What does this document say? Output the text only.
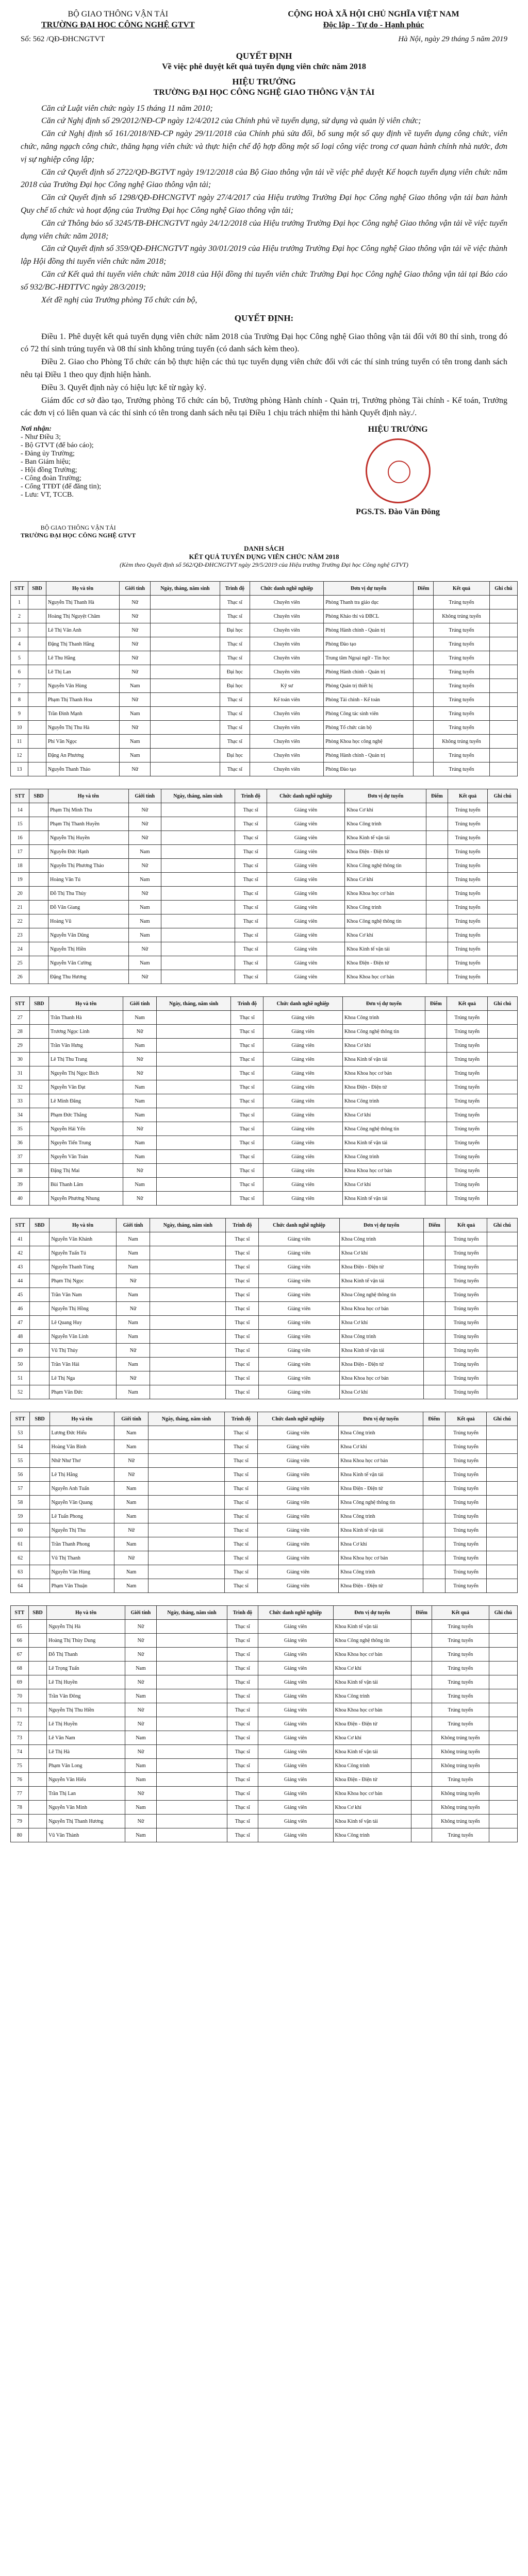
BỘ GIAO THÔNG VẬN TẢI
TRƯỜNG ĐẠI HỌC CÔNG NGHỆ GTVT
CỘNG HOÀ XÃ HỘI CHỦ NGHĨA VIỆT NAM
Độc lập - Tự do - Hạnh phúc
Số: 562 /QĐ-ĐHCNGTVT	Hà Nội, ngày 29 tháng 5 năm 2019
QUYẾT ĐỊNH
Về việc phê duyệt kết quả tuyển dụng viên chức năm 2018
HIỆU TRƯỞNG
TRƯỜNG ĐẠI HỌC CÔNG NGHỆ GIAO THÔNG VẬN TẢI

Căn cứ Luật viên chức ngày 15 tháng 11 năm 2010;

Căn cứ Nghị định số 29/2012/NĐ-CP ngày 12/4/2012 của Chính phủ về tuyển dụng, sử dụng và quản lý viên chức;

Căn cứ Nghị định số 161/2018/NĐ-CP ngày 29/11/2018 của Chính phủ sửa đổi, bổ sung một số quy định về tuyển dụng công chức, viên chức, nâng ngạch công chức, thăng hạng viên chức và thực hiện chế độ hợp đồng một số loại công việc trong cơ quan hành chính nhà nước, đơn vị sự nghiệp công lập;

Căn cứ Quyết định số 2722/QĐ-BGTVT ngày 19/12/2018 của Bộ Giao thông vận tải về việc phê duyệt Kế hoạch tuyển dụng viên chức năm 2018 của Trường Đại học Công nghệ Giao thông vận tải;

Căn cứ Quyết định số 1298/QĐ-ĐHCNGTVT ngày 27/4/2017 của Hiệu trưởng Trường Đại học Công nghệ Giao thông vận tải ban hành Quy chế tổ chức và hoạt động của Trường Đại học Công nghệ Giao thông vận tải;

Căn cứ Thông báo số 3245/TB-ĐHCNGTVT ngày 24/12/2018 của Hiệu trưởng Trường Đại học Công nghệ Giao thông vận tải về việc tuyển dụng viên chức năm 2018;

Căn cứ Quyết định số 359/QĐ-ĐHCNGTVT ngày 30/01/2019 của Hiệu trưởng Trường Đại học Công nghệ Giao thông vận tải về việc thành lập Hội đồng thi tuyển viên chức năm 2018;

Căn cứ Kết quả thi tuyển viên chức năm 2018 của Hội đồng thi tuyển viên chức Trường Đại học Công nghệ Giao thông vận tải tại Báo cáo số 932/BC-HĐTTVC ngày 28/3/2019;

Xét đề nghị của Trưởng phòng Tổ chức cán bộ,

QUYẾT ĐỊNH:

Điều 1. Phê duyệt kết quả tuyển dụng viên chức năm 2018 của Trường Đại học Công nghệ Giao thông vận tải đối với 80 thí sinh, trong đó có 72 thí sinh trúng tuyển và 08 thí sinh không trúng tuyển (có danh sách kèm theo).

Điều 2. Giao cho Phòng Tổ chức cán bộ thực hiện các thủ tục tuyển dụng viên chức đối với các thí sinh trúng tuyển có tên trong danh sách nêu tại Điều 1 theo quy định hiện hành.

Điều 3. Quyết định này có hiệu lực kể từ ngày ký.

Giám đốc cơ sở đào tạo, Trưởng phòng Tổ chức cán bộ, Trưởng phòng Hành chính - Quản trị, Trưởng phòng Tài chính - Kế toán, Trưởng các đơn vị có liên quan và các thí sinh có tên trong danh sách nêu tại Điều 1 chịu trách nhiệm thi hành Quyết định này./.

Nơi nhận:
- Như Điều 3;
- Bộ GTVT (để báo cáo);
- Đảng ủy Trường;
- Ban Giám hiệu;
- Hội đồng Trường;
- Công đoàn Trường;
- Cổng TTĐT (để đăng tin);
- Lưu: VT, TCCB.
HIỆU TRƯỞNG
PGS.TS. Đào Văn Đông
BỘ GIAO THÔNG VẬN TẢI
TRƯỜNG ĐẠI HỌC CÔNG NGHỆ GTVT
DANH SÁCH
KẾT QUẢ TUYỂN DỤNG VIÊN CHỨC NĂM 2018
(Kèm theo Quyết định số 562/QĐ-ĐHCNGTVT ngày 29/5/2019 của Hiệu trưởng Trường Đại học Công nghệ GTVT)
STT	SBD	Họ và tên	Giới tính	Ngày, tháng, năm sinh	Trình độ	Chức danh nghề nghiệp	Đơn vị dự tuyển	Điểm	Kết quả	Ghi chú
1		Nguyễn Thị Thanh Hà	Nữ		Thạc sĩ	Chuyên viên	Phòng Thanh tra giáo dục		Trúng tuyển	
2		Hoàng Thị Nguyệt Châm	Nữ		Thạc sĩ	Chuyên viên	Phòng Khảo thí và ĐBCL		Không trúng tuyển	
3		Lê Thị Vân Anh	Nữ		Đại học	Chuyên viên	Phòng Hành chính - Quản trị		Trúng tuyển	
4		Đặng Thị Thanh Hằng	Nữ		Thạc sĩ	Chuyên viên	Phòng Đào tạo		Trúng tuyển	
5		Lê Thu Hằng	Nữ		Thạc sĩ	Chuyên viên	Trung tâm Ngoại ngữ - Tin học		Trúng tuyển	
6		Lê Thị Lan	Nữ		Đại học	Chuyên viên	Phòng Hành chính - Quản trị		Trúng tuyển	
7		Nguyễn Văn Hùng	Nam		Đại học	Kỹ sư	Phòng Quản trị thiết bị		Trúng tuyển	
8		Phạm Thị Thanh Hoa	Nữ		Thạc sĩ	Kế toán viên	Phòng Tài chính - Kế toán		Trúng tuyển	
9		Trần Đình Mạnh	Nam		Thạc sĩ	Chuyên viên	Phòng Công tác sinh viên		Trúng tuyển	
10		Nguyễn Thị Thu Hà	Nữ		Thạc sĩ	Chuyên viên	Phòng Tổ chức cán bộ		Trúng tuyển	
11		Phí Văn Ngọc	Nam		Thạc sĩ	Chuyên viên	Phòng Khoa học công nghệ		Không trúng tuyển	
12		Đặng An Phương	Nam		Đại học	Chuyên viên	Phòng Hành chính - Quản trị		Trúng tuyển	
13		Nguyễn Thanh Thảo	Nữ		Thạc sĩ	Chuyên viên	Phòng Đào tạo		Trúng tuyển	
STT	SBD	Họ và tên	Giới tính	Ngày, tháng, năm sinh	Trình độ	Chức danh nghề nghiệp	Đơn vị dự tuyển	Điểm	Kết quả	Ghi chú
14		Phạm Thị Minh Thu	Nữ		Thạc sĩ	Giảng viên	Khoa Cơ khí		Trúng tuyển	
15		Phạm Thị Thanh Huyền	Nữ		Thạc sĩ	Giảng viên	Khoa Công trình		Trúng tuyển	
16		Nguyễn Thị Huyền	Nữ		Thạc sĩ	Giảng viên	Khoa Kinh tế vận tải		Trúng tuyển	
17		Nguyễn Đức Hạnh	Nam		Thạc sĩ	Giảng viên	Khoa Điện - Điện tử		Trúng tuyển	
18		Nguyễn Thị Phương Thảo	Nữ		Thạc sĩ	Giảng viên	Khoa Công nghệ thông tin		Trúng tuyển	
19		Hoàng Văn Tú	Nam		Thạc sĩ	Giảng viên	Khoa Cơ khí		Trúng tuyển	
20		Đỗ Thị Thu Thủy	Nữ		Thạc sĩ	Giảng viên	Khoa Khoa học cơ bản		Trúng tuyển	
21		Đỗ Văn Giang	Nam		Thạc sĩ	Giảng viên	Khoa Công trình		Trúng tuyển	
22		Hoàng Vũ	Nam		Thạc sĩ	Giảng viên	Khoa Công nghệ thông tin		Trúng tuyển	
23		Nguyễn Văn Dũng	Nam		Thạc sĩ	Giảng viên	Khoa Cơ khí		Trúng tuyển	
24		Nguyễn Thị Hiền	Nữ		Thạc sĩ	Giảng viên	Khoa Kinh tế vận tải		Trúng tuyển	
25		Nguyễn Văn Cường	Nam		Thạc sĩ	Giảng viên	Khoa Điện - Điện tử		Trúng tuyển	
26		Đặng Thu Hương	Nữ		Thạc sĩ	Giảng viên	Khoa Khoa học cơ bản		Trúng tuyển	
STT	SBD	Họ và tên	Giới tính	Ngày, tháng, năm sinh	Trình độ	Chức danh nghề nghiệp	Đơn vị dự tuyển	Điểm	Kết quả	Ghi chú
27		Trần Thanh Hà	Nam		Thạc sĩ	Giảng viên	Khoa Công trình		Trúng tuyển	
28		Trương Ngọc Linh	Nữ		Thạc sĩ	Giảng viên	Khoa Công nghệ thông tin		Trúng tuyển	
29		Trần Văn Hưng	Nam		Thạc sĩ	Giảng viên	Khoa Cơ khí		Trúng tuyển	
30		Lê Thị Thu Trang	Nữ		Thạc sĩ	Giảng viên	Khoa Kinh tế vận tải		Trúng tuyển	
31		Nguyễn Thị Ngọc Bích	Nữ		Thạc sĩ	Giảng viên	Khoa Khoa học cơ bản		Trúng tuyển	
32		Nguyễn Văn Đạt	Nam		Thạc sĩ	Giảng viên	Khoa Điện - Điện tử		Trúng tuyển	
33		Lê Minh Đăng	Nam		Thạc sĩ	Giảng viên	Khoa Công trình		Trúng tuyển	
34		Phạm Đức Thắng	Nam		Thạc sĩ	Giảng viên	Khoa Cơ khí		Trúng tuyển	
35		Nguyễn Hải Yến	Nữ		Thạc sĩ	Giảng viên	Khoa Công nghệ thông tin		Trúng tuyển	
36		Nguyễn Tiến Trung	Nam		Thạc sĩ	Giảng viên	Khoa Kinh tế vận tải		Trúng tuyển	
37		Nguyễn Văn Toàn	Nam		Thạc sĩ	Giảng viên	Khoa Công trình		Trúng tuyển	
38		Đặng Thị Mai	Nữ		Thạc sĩ	Giảng viên	Khoa Khoa học cơ bản		Trúng tuyển	
39		Bùi Thanh Lâm	Nam		Thạc sĩ	Giảng viên	Khoa Cơ khí		Trúng tuyển	
40		Nguyễn Phương Nhung	Nữ		Thạc sĩ	Giảng viên	Khoa Kinh tế vận tải		Trúng tuyển	
STT	SBD	Họ và tên	Giới tính	Ngày, tháng, năm sinh	Trình độ	Chức danh nghề nghiệp	Đơn vị dự tuyển	Điểm	Kết quả	Ghi chú
41		Nguyễn Văn Khánh	Nam		Thạc sĩ	Giảng viên	Khoa Công trình		Trúng tuyển	
42		Nguyễn Tuấn Tú	Nam		Thạc sĩ	Giảng viên	Khoa Cơ khí		Trúng tuyển	
43		Nguyễn Thanh Tùng	Nam		Thạc sĩ	Giảng viên	Khoa Điện - Điện tử		Trúng tuyển	
44		Phạm Thị Ngọc	Nữ		Thạc sĩ	Giảng viên	Khoa Kinh tế vận tải		Trúng tuyển	
45		Trần Văn Nam	Nam		Thạc sĩ	Giảng viên	Khoa Công nghệ thông tin		Trúng tuyển	
46		Nguyễn Thị Hồng	Nữ		Thạc sĩ	Giảng viên	Khoa Khoa học cơ bản		Trúng tuyển	
47		Lê Quang Huy	Nam		Thạc sĩ	Giảng viên	Khoa Cơ khí		Trúng tuyển	
48		Nguyễn Văn Linh	Nam		Thạc sĩ	Giảng viên	Khoa Công trình		Trúng tuyển	
49		Vũ Thị Thủy	Nữ		Thạc sĩ	Giảng viên	Khoa Kinh tế vận tải		Trúng tuyển	
50		Trần Văn Hải	Nam		Thạc sĩ	Giảng viên	Khoa Điện - Điện tử		Trúng tuyển	
51		Lê Thị Nga	Nữ		Thạc sĩ	Giảng viên	Khoa Khoa học cơ bản		Trúng tuyển	
52		Phạm Văn Đức	Nam		Thạc sĩ	Giảng viên	Khoa Cơ khí		Trúng tuyển	
STT	SBD	Họ và tên	Giới tính	Ngày, tháng, năm sinh	Trình độ	Chức danh nghề nghiệp	Đơn vị dự tuyển	Điểm	Kết quả	Ghi chú
53		Lương Đức Hiếu	Nam		Thạc sĩ	Giảng viên	Khoa Công trình		Trúng tuyển	
54		Hoàng Văn Bình	Nam		Thạc sĩ	Giảng viên	Khoa Cơ khí		Trúng tuyển	
55		Nhữ Như Thơ	Nữ		Thạc sĩ	Giảng viên	Khoa Khoa học cơ bản		Trúng tuyển	
56		Lê Thị Hằng	Nữ		Thạc sĩ	Giảng viên	Khoa Kinh tế vận tải		Trúng tuyển	
57		Nguyễn Anh Tuấn	Nam		Thạc sĩ	Giảng viên	Khoa Điện - Điện tử		Trúng tuyển	
58		Nguyễn Văn Quang	Nam		Thạc sĩ	Giảng viên	Khoa Công nghệ thông tin		Trúng tuyển	
59		Lê Tuấn Phong	Nam		Thạc sĩ	Giảng viên	Khoa Công trình		Trúng tuyển	
60		Nguyễn Thị Thu	Nữ		Thạc sĩ	Giảng viên	Khoa Kinh tế vận tải		Trúng tuyển	
61		Trần Thanh Phong	Nam		Thạc sĩ	Giảng viên	Khoa Cơ khí		Trúng tuyển	
62		Vũ Thị Thanh	Nữ		Thạc sĩ	Giảng viên	Khoa Khoa học cơ bản		Trúng tuyển	
63		Nguyễn Văn Hùng	Nam		Thạc sĩ	Giảng viên	Khoa Công trình		Trúng tuyển	
64		Phạm Văn Thuận	Nam		Thạc sĩ	Giảng viên	Khoa Điện - Điện tử		Trúng tuyển	
STT	SBD	Họ và tên	Giới tính	Ngày, tháng, năm sinh	Trình độ	Chức danh nghề nghiệp	Đơn vị dự tuyển	Điểm	Kết quả	Ghi chú
65		Nguyễn Thị Hà	Nữ		Thạc sĩ	Giảng viên	Khoa Kinh tế vận tải		Trúng tuyển	
66		Hoàng Thị Thùy Dung	Nữ		Thạc sĩ	Giảng viên	Khoa Công nghệ thông tin		Trúng tuyển	
67		Đỗ Thị Thanh	Nữ		Thạc sĩ	Giảng viên	Khoa Khoa học cơ bản		Trúng tuyển	
68		Lê Trọng Tuấn	Nam		Thạc sĩ	Giảng viên	Khoa Cơ khí		Trúng tuyển	
69		Lê Thị Huyền	Nữ		Thạc sĩ	Giảng viên	Khoa Kinh tế vận tải		Trúng tuyển	
70		Trần Văn Đông	Nam		Thạc sĩ	Giảng viên	Khoa Công trình		Trúng tuyển	
71		Nguyễn Thị Thu Hiền	Nữ		Thạc sĩ	Giảng viên	Khoa Khoa học cơ bản		Trúng tuyển	
72		Lê Thị Huyền	Nữ		Thạc sĩ	Giảng viên	Khoa Điện - Điện tử		Trúng tuyển	
73		Lê Văn Nam	Nam		Thạc sĩ	Giảng viên	Khoa Cơ khí		Không trúng tuyển	
74		Lê Thị Hà	Nữ		Thạc sĩ	Giảng viên	Khoa Kinh tế vận tải		Không trúng tuyển	
75		Phạm Văn Long	Nam		Thạc sĩ	Giảng viên	Khoa Công trình		Không trúng tuyển	
76		Nguyễn Văn Hiếu	Nam		Thạc sĩ	Giảng viên	Khoa Điện - Điện tử		Trúng tuyển	
77		Trần Thị Lan	Nữ		Thạc sĩ	Giảng viên	Khoa Khoa học cơ bản		Không trúng tuyển	
78		Nguyễn Văn Minh	Nam		Thạc sĩ	Giảng viên	Khoa Cơ khí		Không trúng tuyển	
79		Nguyễn Thị Thanh Hương	Nữ		Thạc sĩ	Giảng viên	Khoa Kinh tế vận tải		Không trúng tuyển	
80		Vũ Văn Thành	Nam		Thạc sĩ	Giảng viên	Khoa Công trình		Trúng tuyển	
